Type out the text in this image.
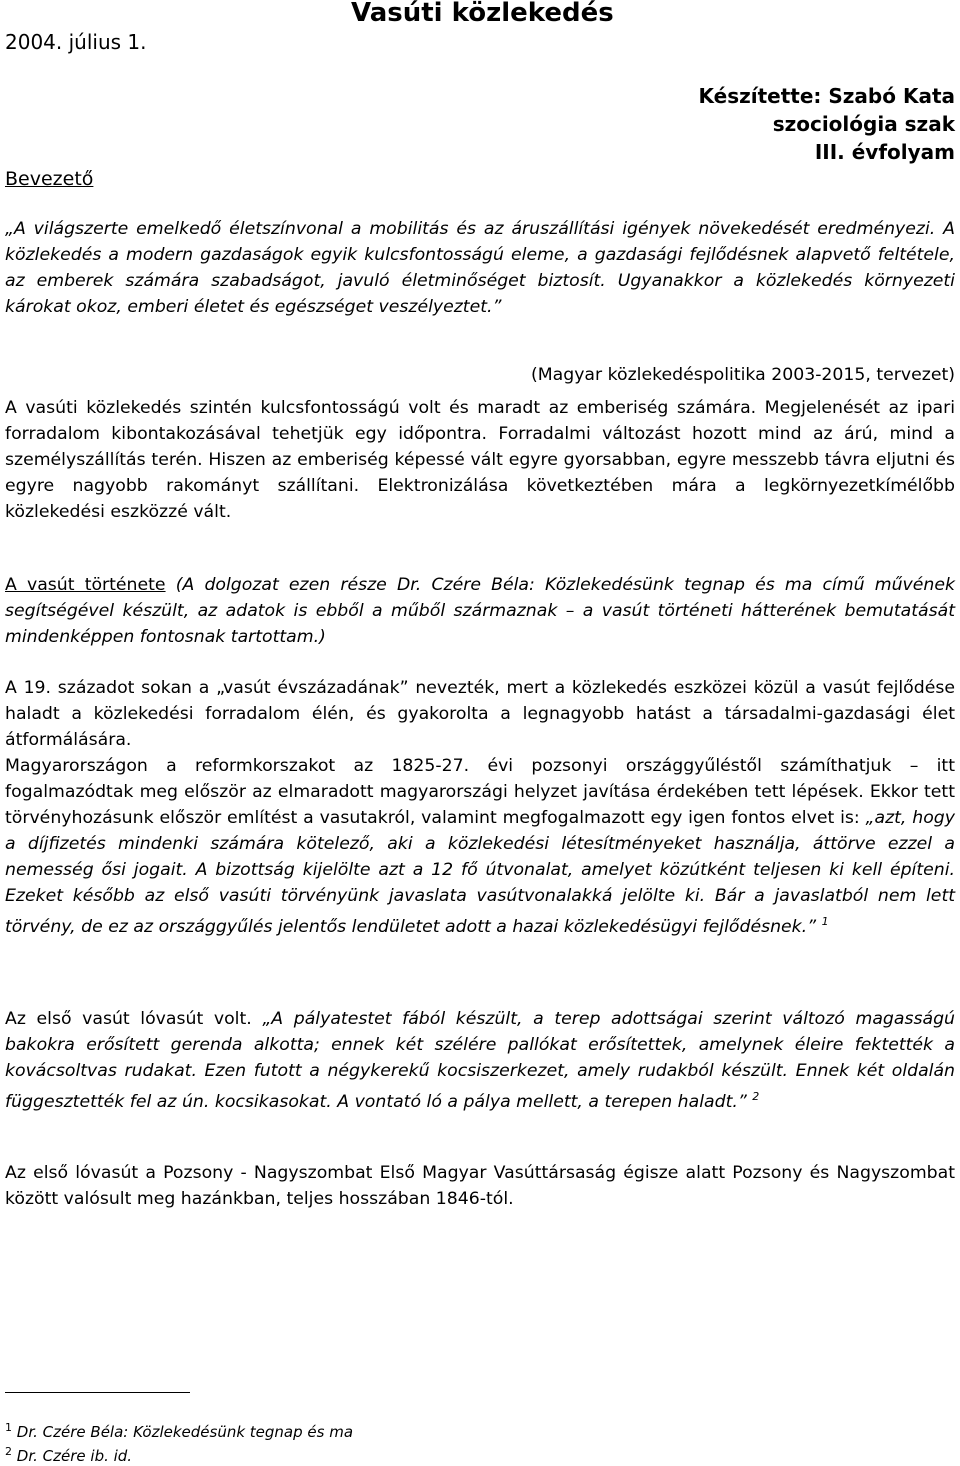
2004. július 1.
Vasúti közlekedés
Készítette: Szabó Kata
szociológia szak
III. évfolyam
Bevezető
„A világszerte emelkedő életszínvonal a mobilitás és az áruszállítási igények növekedését eredményezi. A közlekedés a modern gazdaságok egyik kulcsfontosságú eleme, a gazdasági fejlődésnek alapvető feltétele, az emberek számára szabadságot, javuló életminőséget biztosít. Ugyanakkor a közlekedés környezeti károkat okoz, emberi életet és egészséget veszélyeztet.”
(Magyar közlekedéspolitika 2003-2015, tervezet)
A vasúti közlekedés szintén kulcsfontosságú volt és maradt az emberiség számára. Megjelenését az ipari forradalom kibontakozásával tehetjük egy időpontra. Forradalmi változást hozott mind az árú, mind a személyszállítás terén. Hiszen az emberiség képessé vált egyre gyorsabban, egyre messzebb távra eljutni és egyre nagyobb rakományt szállítani. Elektronizálása következtében mára a legkörnyezetkímélőbb közlekedési eszközzé vált.
A vasút története (A dolgozat ezen része Dr. Czére Béla: Közlekedésünk tegnap és ma című művének segítségével készült, az adatok is ebből a műből származnak – a vasút történeti hátterének bemutatását mindenképpen fontosnak tartottam.)
A 19. századot sokan a „vasút évszázadának” nevezték, mert a közlekedés eszközei közül a vasút fejlődése haladt a közlekedési forradalom élén, és gyakorolta a legnagyobb hatást a társadalmi-gazdasági élet átformálására.
Magyarországon a reformkorszakot az 1825-27. évi pozsonyi országgyűléstől számíthatjuk – itt fogalmazódtak meg először az elmaradott magyarországi helyzet javítása érdekében tett lépések. Ekkor tett törvényhozásunk először említést a vasutakról, valamint megfogalmazott egy igen fontos elvet is: „azt, hogy a díjfizetés mindenki számára kötelező, aki a közlekedési létesítményeket használja, áttörve ezzel a nemesség ősi jogait. A bizottság kijelölte azt a 12 fő útvonalat, amelyet közútként teljesen ki kell építeni. Ezeket később az első vasúti törvényünk javaslata vasútvonalakká jelölte ki. Bár a javaslatból nem lett törvény, de ez az országgyűlés jelentős lendületet adott a hazai közlekedésügyi fejlődésnek.” $^1$
Az első vasút lóvasút volt. „A pályatestet fából készült, a terep adottságai szerint változó magasságú bakokra erősített gerenda alkotta; ennek két szélére pallókat erősítettek, amelynek éleire fektették a kovácsoltvas rudakat. Ezen futott a négykerekű kocsiszerkezet, amely rudakból készült. Ennek két oldalán függesztették fel az ún. kocsikasokat. A vontató ló a pálya mellett, a terepen haladt.” $^2$
Az első lóvasút a Pozsony - Nagyszombat Első Magyar Vasúttársaság égisze alatt Pozsony és Nagyszombat között valósult meg hazánkban, teljes hosszában 1846-tól.
$^1$ Dr. Czére Béla: Közlekedésünk tegnap és ma
$^2$ Dr. Czére ib. id.
